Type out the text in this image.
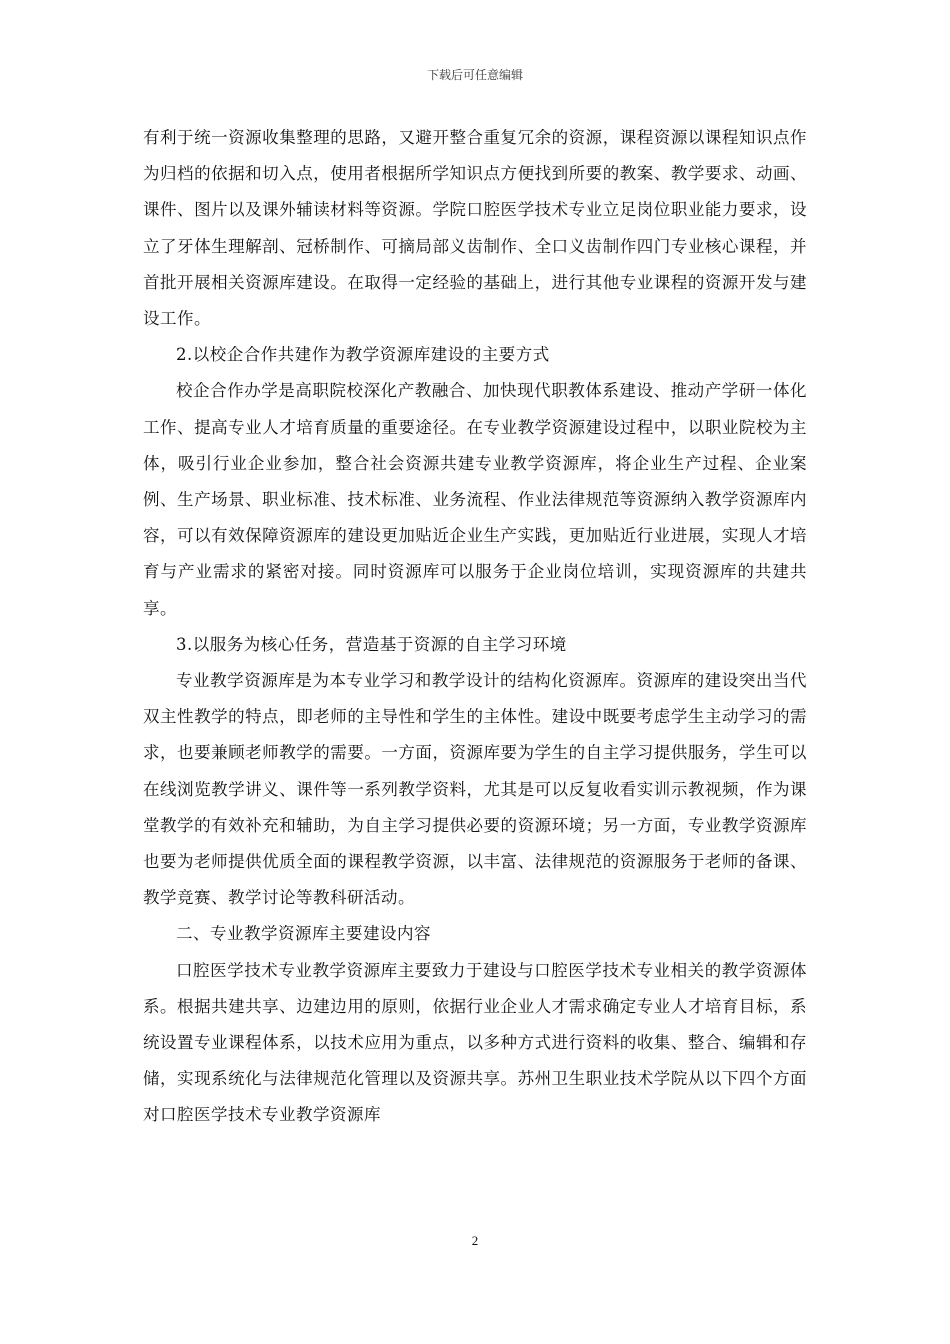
下载后可任意编辑

有利于统一资源收集整理的思路，又避开整合重复冗余的资源，课程资源以课程知识点作为归档的依据和切入点，使用者根据所学知识点方便找到所要的教案、教学要求、动画、课件、图片以及课外辅读材料等资源。学院口腔医学技术专业立足岗位职业能力要求，设立了牙体生理解剖、冠桥制作、可摘局部义齿制作、全口义齿制作四门专业核心课程，并首批开展相关资源库建设。在取得一定经验的基础上，进行其他专业课程的资源开发与建设工作。

2.以校企合作共建作为教学资源库建设的主要方式

校企合作办学是高职院校深化产教融合、加快现代职教体系建设、推动产学研一体化工作、提高专业人才培育质量的重要途径。在专业教学资源建设过程中，以职业院校为主体，吸引行业企业参加，整合社会资源共建专业教学资源库，将企业生产过程、企业案例、生产场景、职业标准、技术标准、业务流程、作业法律规范等资源纳入教学资源库内容，可以有效保障资源库的建设更加贴近企业生产实践，更加贴近行业进展，实现人才培育与产业需求的紧密对接。同时资源库可以服务于企业岗位培训，实现资源库的共建共享。

3.以服务为核心任务，营造基于资源的自主学习环境

专业教学资源库是为本专业学习和教学设计的结构化资源库。资源库的建设突出当代双主性教学的特点，即老师的主导性和学生的主体性。建设中既要考虑学生主动学习的需求，也要兼顾老师教学的需要。一方面，资源库要为学生的自主学习提供服务，学生可以在线浏览教学讲义、课件等一系列教学资料，尤其是可以反复收看实训示教视频，作为课堂教学的有效补充和辅助，为自主学习提供必要的资源环境；另一方面，专业教学资源库也要为老师提供优质全面的课程教学资源，以丰富、法律规范的资源服务于老师的备课、教学竞赛、教学讨论等教科研活动。

二、专业教学资源库主要建设内容

口腔医学技术专业教学资源库主要致力于建设与口腔医学技术专业相关的教学资源体系。根据共建共享、边建边用的原则，依据行业企业人才需求确定专业人才培育目标，系统设置专业课程体系，以技术应用为重点，以多种方式进行资料的收集、整合、编辑和存储，实现系统化与法律规范化管理以及资源共享。苏州卫生职业技术学院从以下四个方面对口腔医学技术专业教学资源库

2
